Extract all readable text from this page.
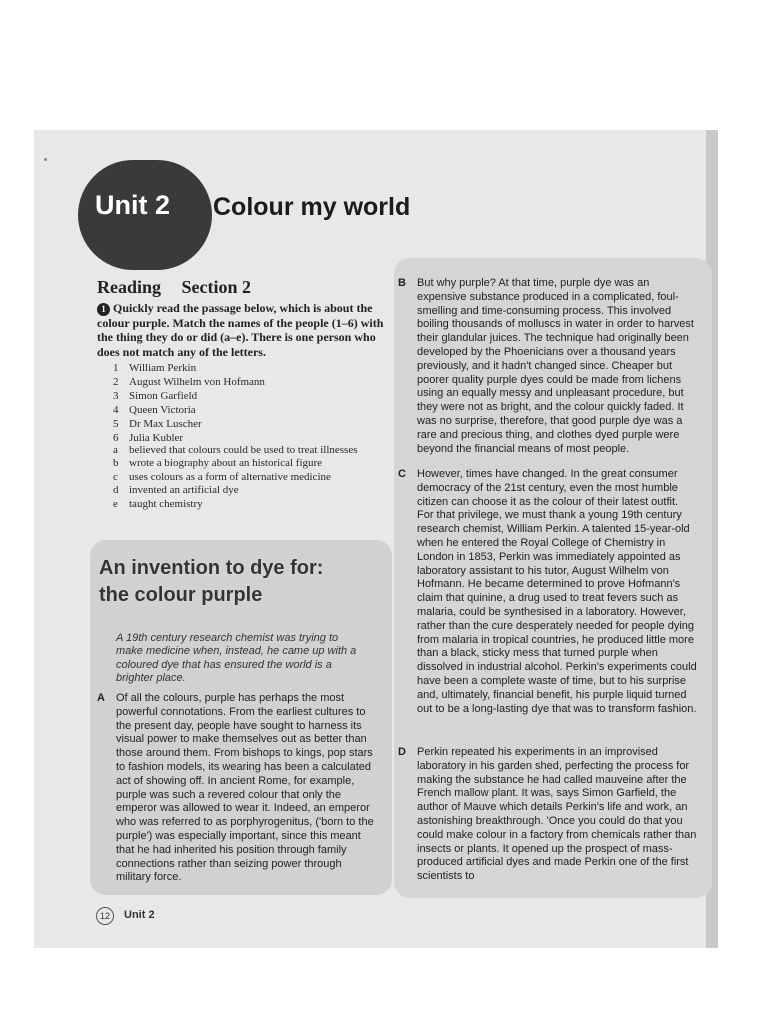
Unit 2 Colour my world
Reading Section 2
1 Quickly read the passage below, which is about the colour purple. Match the names of the people (1–6) with the thing they do or did (a–e). There is one person who does not match any of the letters.
1 William Perkin
2 August Wilhelm von Hofmann
3 Simon Garfield
4 Queen Victoria
5 Dr Max Luscher
6 Julia Kubler
a	believed that colours could be used to treat illnesses
b wrote a biography about an historical figure
c	uses colours as a form of alternative medicine
d invented an artificial dye
e	taught chemistry
An invention to dye for:
the colour purple
A 19th century research chemist was trying to make medicine when, instead, he came up with a coloured dye that has ensured the world is a brighter place.
A Of all the colours, purple has perhaps the most powerful connotations. From the earliest cultures to the present day, people have sought to harness its visual power to make themselves out as better than those around them. From bishops to kings, pop stars to fashion models, its wearing has been a calculated act of showing off. In ancient Rome, for example, purple was such a revered colour that only the emperor was allowed to wear it. Indeed, an emperor who was referred to as porphyrogenitus, ('born to the purple') was especially important, since this meant that he had inherited his position through family connections rather than seizing power through military force.
B But why purple? At that time, purple dye was an expensive substance produced in a complicated, foul-smelling and time-consuming process. This involved boiling thousands of molluscs in water in order to harvest their glandular juices. The technique had originally been developed by the Phoenicians over a thousand years previously, and it hadn't changed since. Cheaper but poorer quality purple dyes could be made from lichens using an equally messy and unpleasant procedure, but they were not as bright, and the colour quickly faded. It was no surprise, therefore, that good purple dye was a rare and precious thing, and clothes dyed purple were beyond the financial means of most people.
C However, times have changed. In the great consumer democracy of the 21st century, even the most humble citizen can choose it as the colour of their latest outfit. For that privilege, we must thank a young 19th century research chemist, William Perkin. A talented 15-year-old when he entered the Royal College of Chemistry in London in 1853, Perkin was immediately appointed as laboratory assistant to his tutor, August Wilhelm von Hofmann. He became determined to prove Hofmann's claim that quinine, a drug used to treat fevers such as malaria, could be synthesised in a laboratory. However, rather than the cure desperately needed for people dying from malaria in tropical countries, he produced little more than a black, sticky mess that turned purple when dissolved in industrial alcohol. Perkin's experiments could have been a complete waste of time, but to his surprise and, ultimately, financial benefit, his purple liquid turned out to be a long-lasting dye that was to transform fashion.
D Perkin repeated his experiments in an improvised laboratory in his garden shed, perfecting the process for making the substance he had called mauveine after the French mallow plant. It was, says Simon Garfield, the author of Mauve which details Perkin's life and work, an astonishing breakthrough. 'Once you could do that you could make colour in a factory from chemicals rather than insects or plants. It opened up the prospect of mass-produced artificial dyes and made Perkin one of the first scientists to
12	Unit 2
